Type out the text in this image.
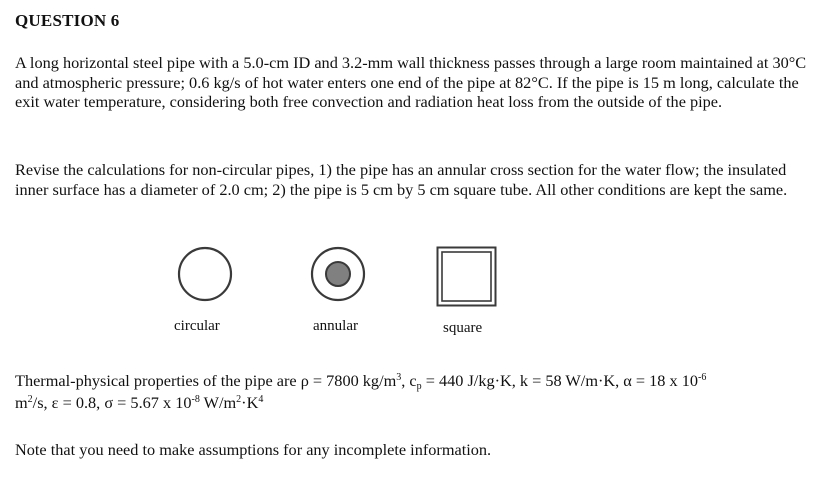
QUESTION 6
A long horizontal steel pipe with a 5.0-cm ID and 3.2-mm wall thickness passes through a large room maintained at 30°C and atmospheric pressure; 0.6 kg/s of hot water enters one end of the pipe at 82°C. If the pipe is 15 m long, calculate the exit water temperature, considering both free convection and radiation heat loss from the outside of the pipe.
Revise the calculations for non-circular pipes, 1) the pipe has an annular cross section for the water flow; the insulated inner surface has a diameter of 2.0 cm; 2) the pipe is 5 cm by 5 cm square tube. All other conditions are kept the same.
circular	annular	square
Thermal-physical properties of the pipe are ρ = 7800 $kg/m^3$, $c_p = 440$ J/kg·K, k = 58 W/m·K, α = 18 x $10^{-6}$
$m^2/s$, ε = 0.8, σ = 5.67 x $10^{-8}$ $W/m^2\cdot K^4$
Note that you need to make assumptions for any incomplete information.
